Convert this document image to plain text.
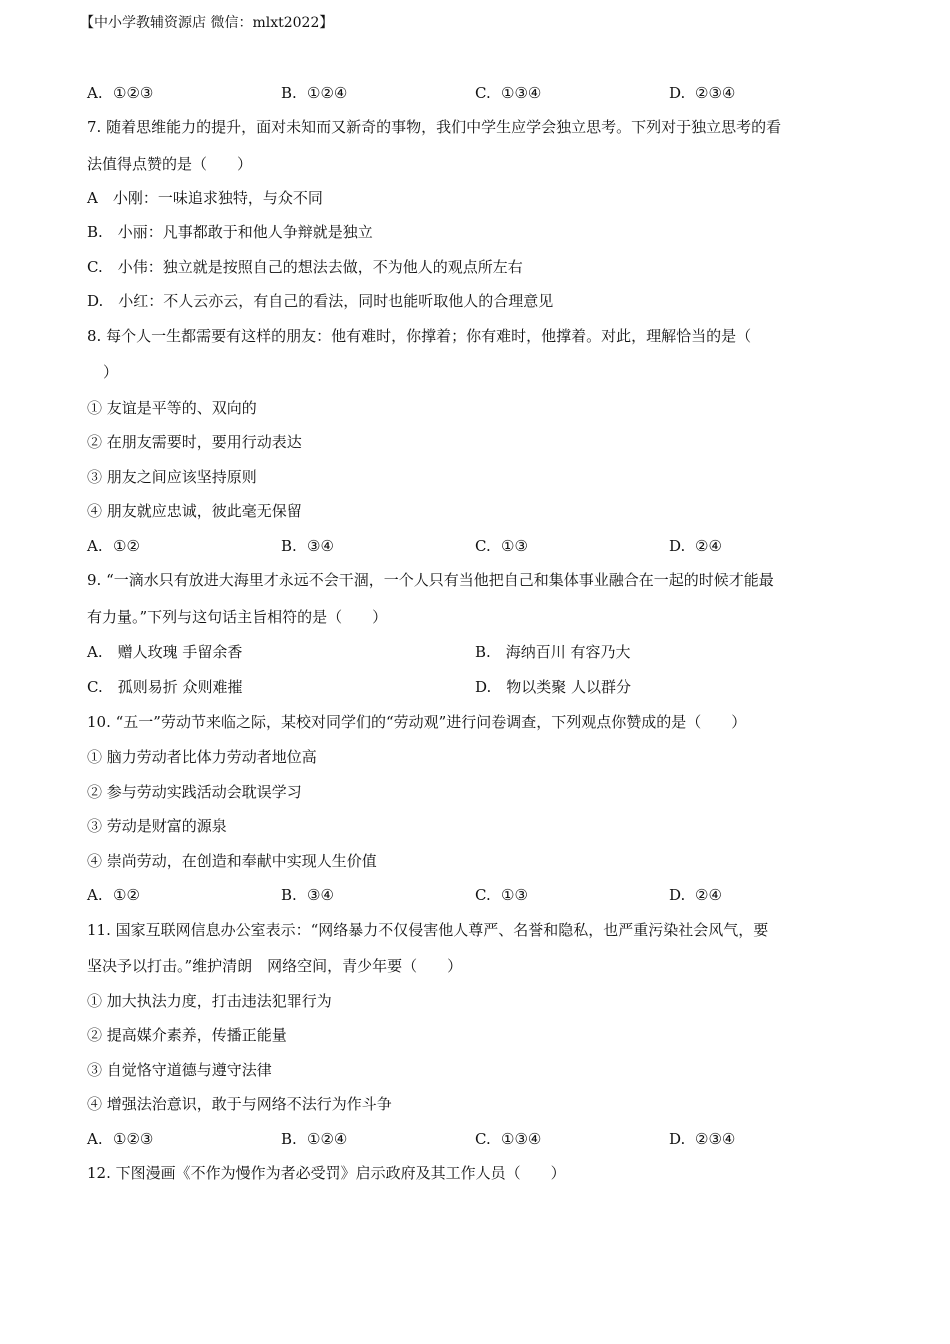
【中小学教辅资源店 微信：mlxt2022】
A. ①②③	B. ①②④	C. ①③④	D. ②③④
7. 随着思维能力的提升，面对未知而又新奇的事物，我们中学生应学会独立思考。下列对于独立思考的看
法值得点赞的是（　　）
A　小刚：一味追求独特，与众不同
B.　小丽：凡事都敢于和他人争辩就是独立
C.　小伟：独立就是按照自己的想法去做，不为他人的观点所左右
D.　小红：不人云亦云，有自己的看法，同时也能听取他人的合理意见
8. 每个人一生都需要有这样的朋友：他有难时，你撑着；你有难时，他撑着。对此，理解恰当的是（
）
① 友谊是平等的、双向的
② 在朋友需要时，要用行动表达
③ 朋友之间应该坚持原则
④ 朋友就应忠诚，彼此毫无保留
A. ①②	B. ③④	C. ①③	D. ②④
9. “一滴水只有放进大海里才永远不会干涸，一个人只有当他把自己和集体事业融合在一起的时候才能最
有力量。”下列与这句话主旨相符的是（　　）
A.　赠人玫瑰 手留余香	B.　海纳百川 有容乃大
C.　孤则易折 众则难摧	D.　物以类聚 人以群分
10. “五一”劳动节来临之际，某校对同学们的“劳动观”进行问卷调查，下列观点你赞成的是（　　）
① 脑力劳动者比体力劳动者地位高
② 参与劳动实践活动会耽误学习
③ 劳动是财富的源泉
④ 崇尚劳动，在创造和奉献中实现人生价值
A. ①②	B. ③④	C. ①③	D. ②④
11. 国家互联网信息办公室表示：“网络暴力不仅侵害他人尊严、名誉和隐私，也严重污染社会风气，要
坚决予以打击。”维护清朗　网络空间，青少年要（　　）
① 加大执法力度，打击违法犯罪行为
② 提高媒介素养，传播正能量
③ 自觉恪守道德与遵守法律
④ 增强法治意识，敢于与网络不法行为作斗争
A. ①②③	B. ①②④	C. ①③④	D. ②③④
12. 下图漫画《不作为慢作为者必受罚》启示政府及其工作人员（　　）
